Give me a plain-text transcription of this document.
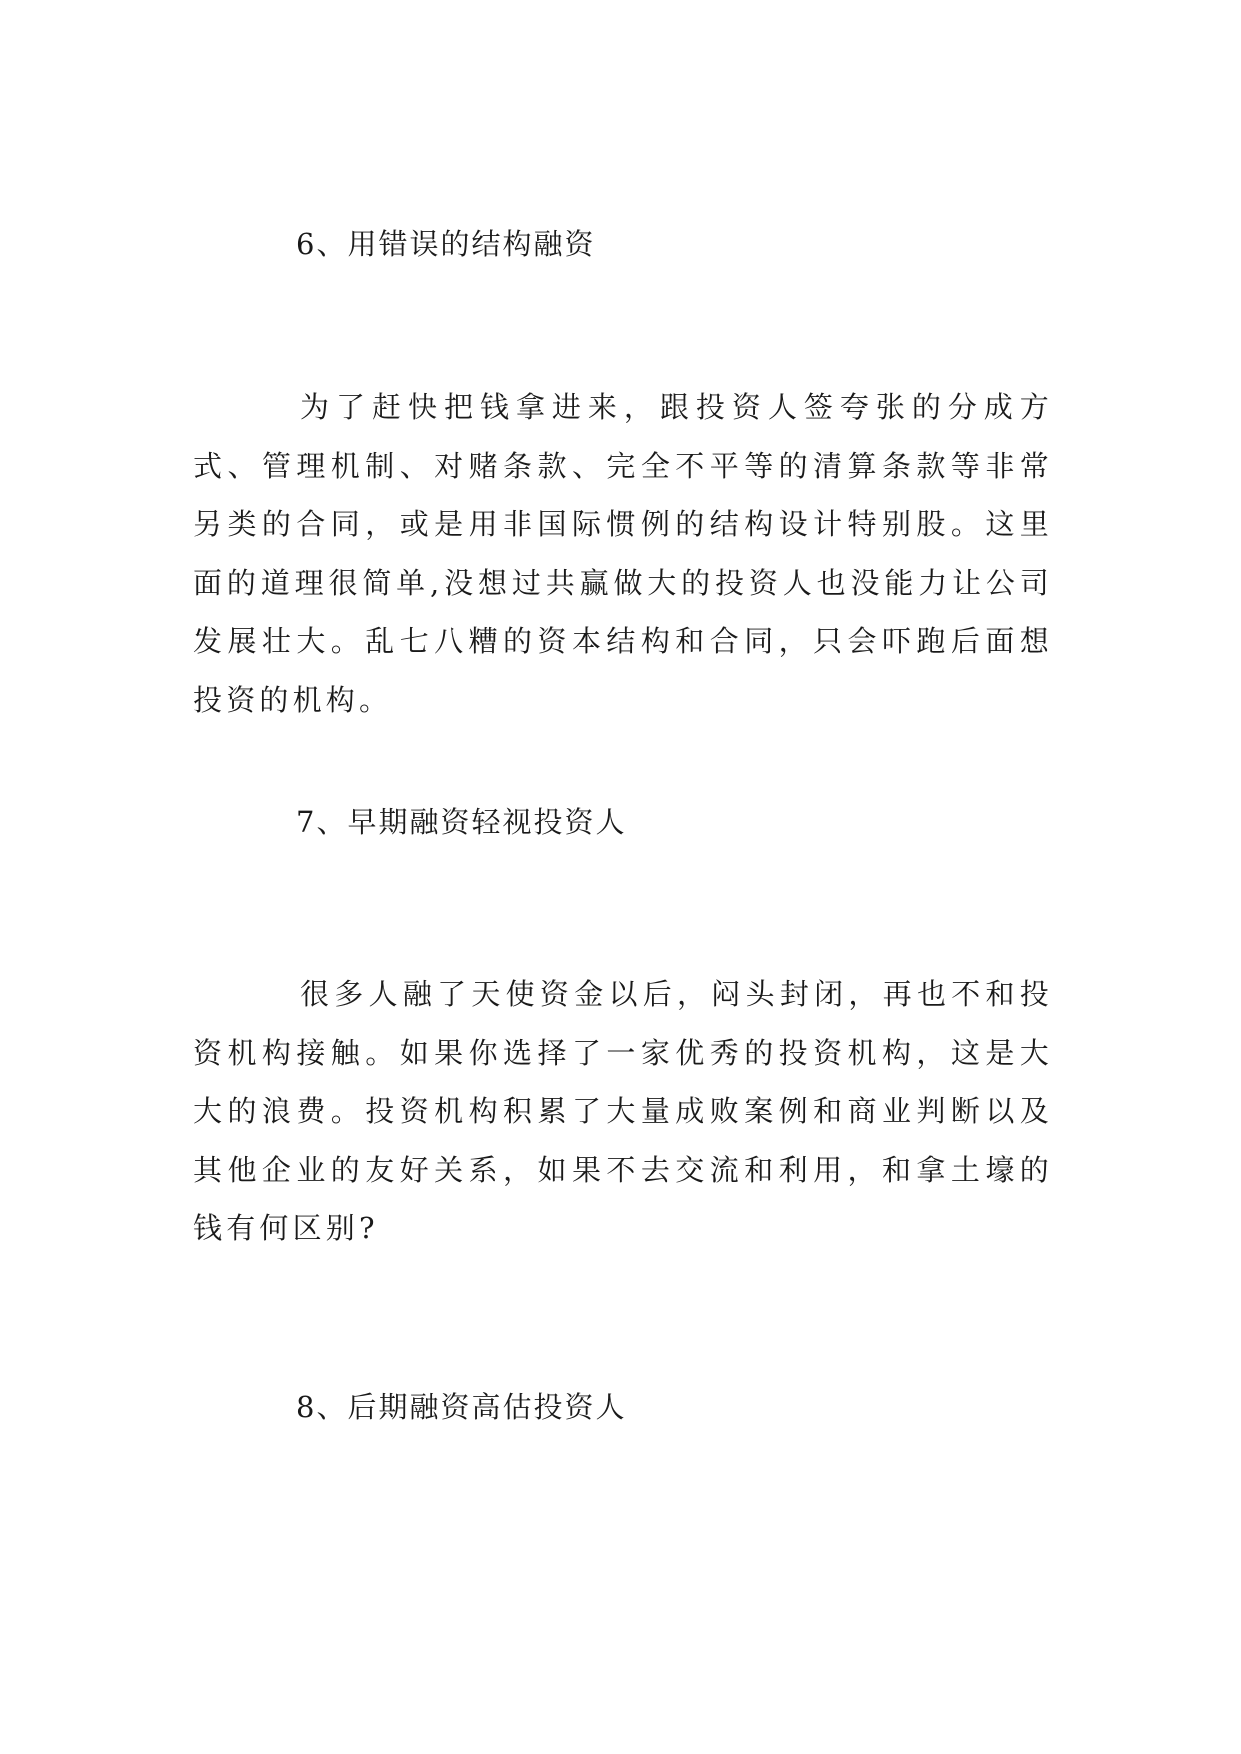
6、用错误的结构融资
为了赶快把钱拿进来，跟投资人签夸张的分成方式、管理机制、对赌条款、完全不平等的清算条款等非常另类的合同，或是用非国际惯例的结构设计特别股。这里面的道理很简单,没想过共赢做大的投资人也没能力让公司发展壮大。乱七八糟的资本结构和合同，只会吓跑后面想投资的机构。
7、早期融资轻视投资人
很多人融了天使资金以后，闷头封闭，再也不和投资机构接触。如果你选择了一家优秀的投资机构，这是大大的浪费。投资机构积累了大量成败案例和商业判断以及其他企业的友好关系，如果不去交流和利用，和拿土壕的钱有何区别?
8、后期融资高估投资人
